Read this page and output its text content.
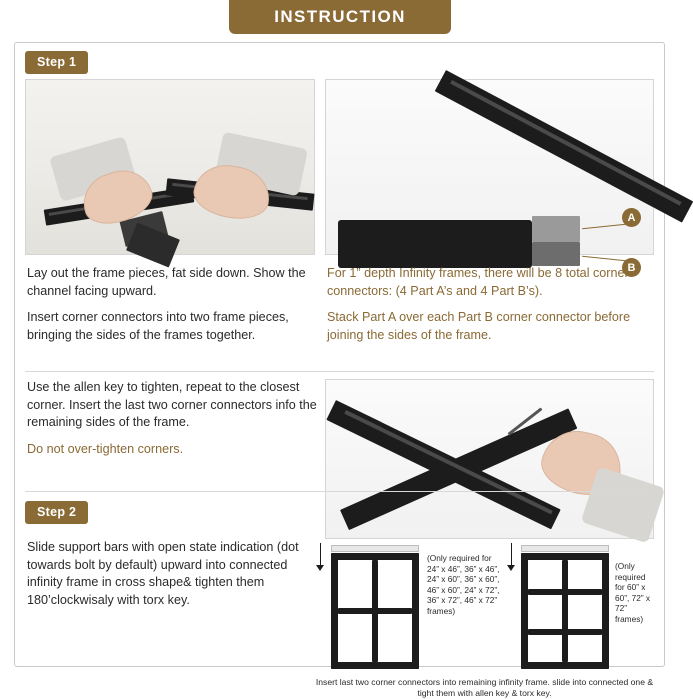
INSTRUCTION
Step 1
A
B

Lay out the frame pieces, fat side down. Show the channel facing upward.

Insert corner connectors into two frame pieces, bringing the sides of the frames together.

For 1” depth Infinity frames, there will be 8 total corner connectors: (4 Part A’s and 4 Part B’s).

Stack Part A over each Part B corner connector before joining the sides of the frame.

Use the allen key to tighten, repeat to the closest corner. Insert the last two corner connectors info the remaining sides of the frame.

Do not over-tighten corners.

Step 2

Slide support bars with open state indication (dot towards bolt by default) upward into connected infinity frame in cross shape& tighten them 180’clockwisaly with torx key.

(Only required for 24” x 46”, 36” x 46”, 24” x 60”, 36” x 60”, 46” x 60”, 24” x 72”, 36” x 72”, 46” x 72” frames)
(Only required for 60” x 60”, 72” x 72” frames)
Insert last two corner connectors into remaining infinity frame. slide into connected one & tight them with allen key & torx key.
